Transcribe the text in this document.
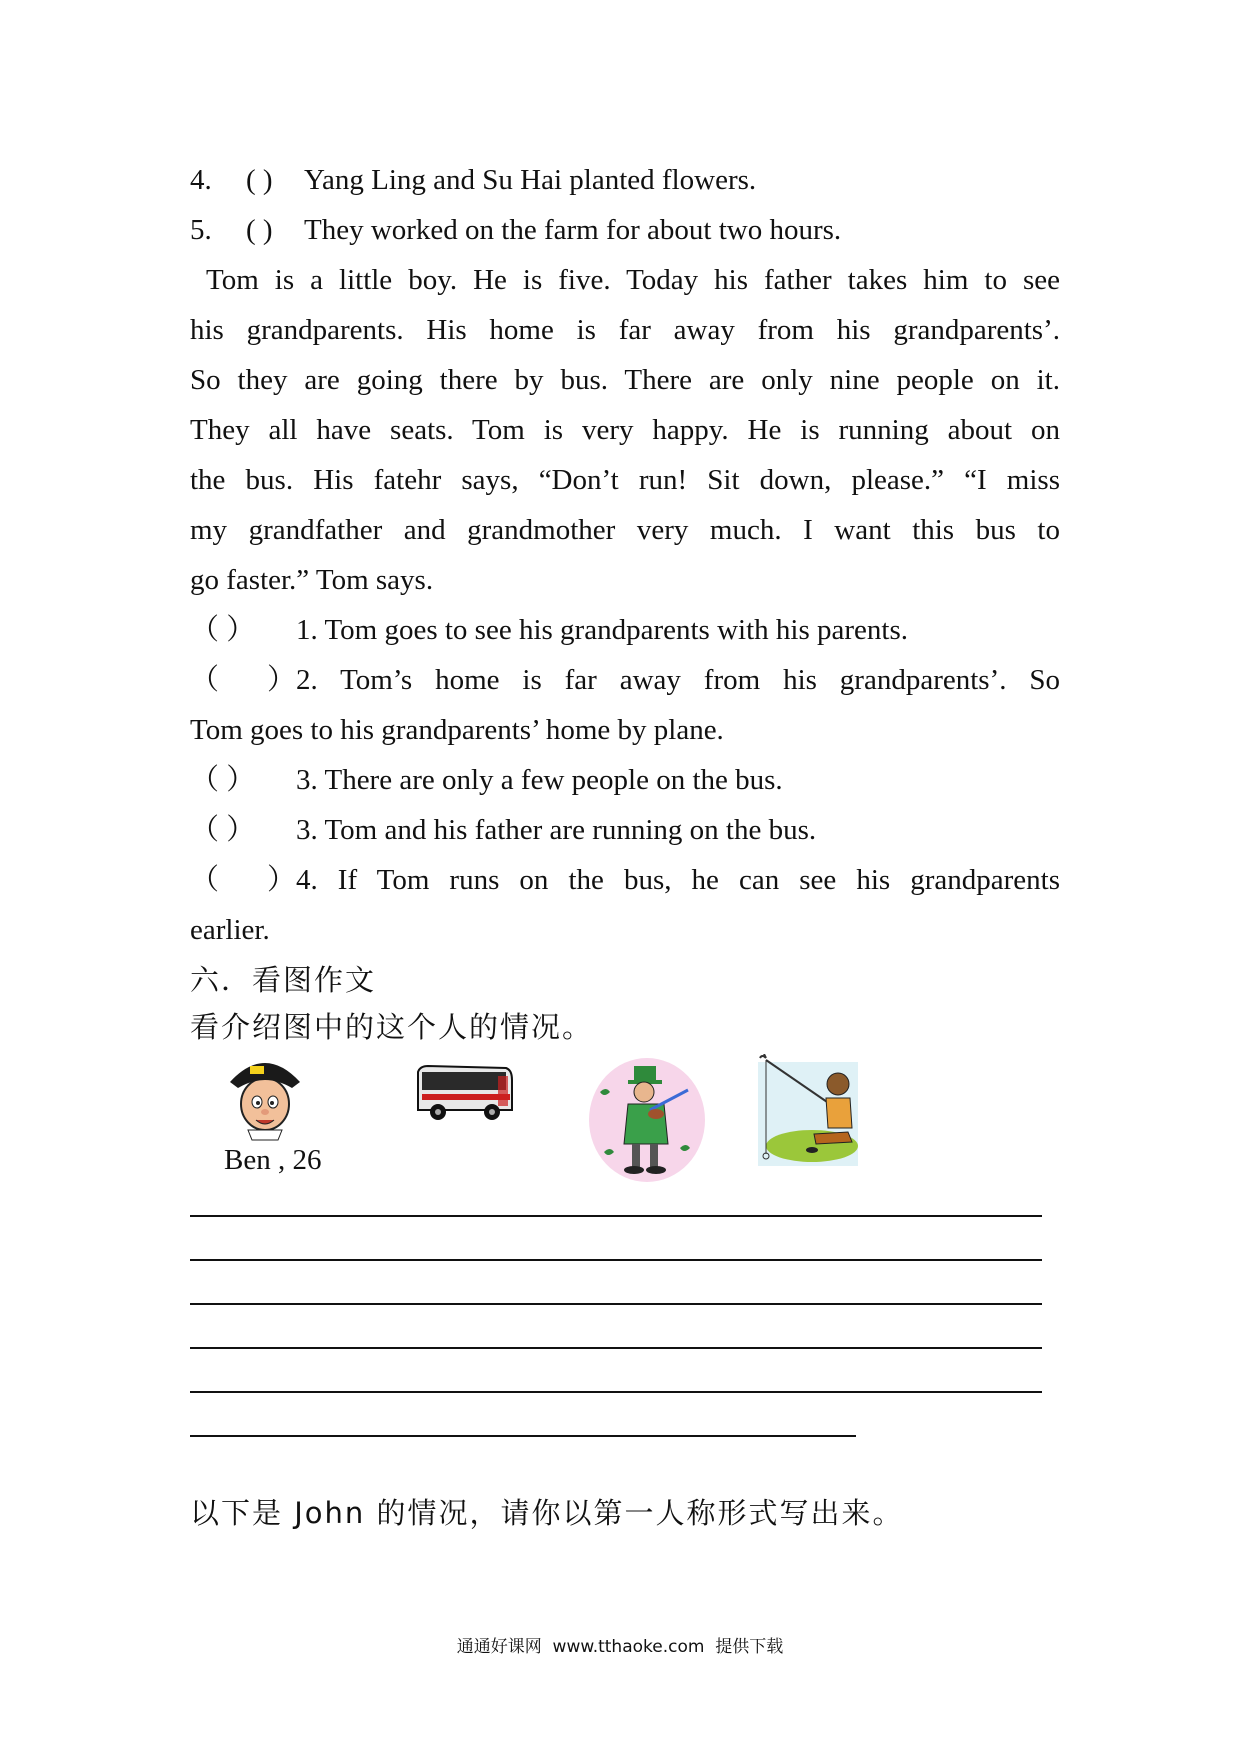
4. ( ) Yang Ling and Su Hai planted flowers.
5. ( ) They worked on the farm for about two hours.
Tom is a little boy. He is five. Today his father takes him to see
his grandparents. His home is far away from his grandparents’.
So they are going there by bus. There are only nine people on it.
They all have seats. Tom is very happy. He is running about on
the bus. His fatehr says, “Don’t run! Sit down, please.” “I miss
my grandfather and grandmother very much. I want this bus to
go faster.” Tom says.
（ ） 1. Tom goes to see his grandparents with his parents.
（ ）2. Tom’s home is far away from his grandparents’. So
Tom goes to his grandparents’ home by plane.
（ ） 3. There are only a few people on the bus.
（ ） 3. Tom and his father are running on the bus.
（ ）4. If Tom runs on the bus, he can see his grandparents
earlier.
六．看图作文
看介绍图中的这个人的情况。
Ben , 26
以下是 John 的情况，请你以第一人称形式写出来。
通通好课网  www.tthaoke.com  提供下载
